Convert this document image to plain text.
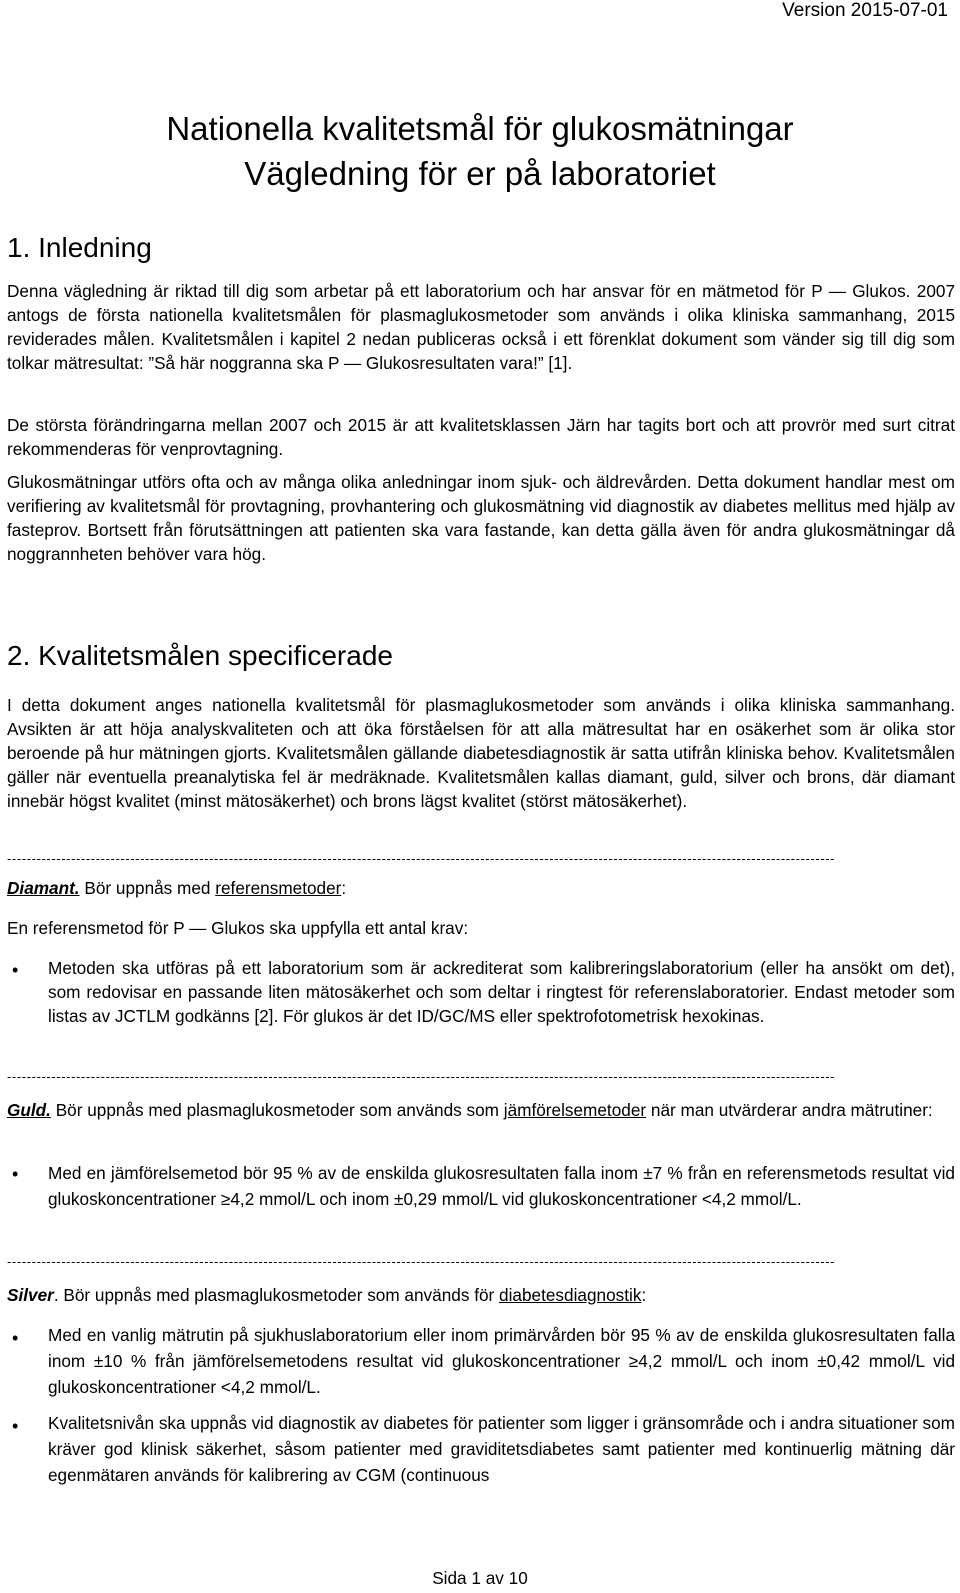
Version 2015-07-01
Nationella kvalitetsmål för glukosmätningar
Vägledning för er på laboratoriet
1. Inledning
Denna vägledning är riktad till dig som arbetar på ett laboratorium och har ansvar för en mätmetod för P — Glukos. 2007 antogs de första nationella kvalitetsmålen för plasmaglukosmetoder som används i olika kliniska sammanhang, 2015 reviderades målen. Kvalitetsmålen i kapitel 2 nedan publiceras också i ett förenklat dokument som vänder sig till dig som tolkar mätresultat: ”Så här noggranna ska P — Glukosresultaten vara!” [1].
De största förändringarna mellan 2007 och 2015 är att kvalitetsklassen Järn har tagits bort och att provrör med surt citrat rekommenderas för venprovtagning.
Glukosmätningar utförs ofta och av många olika anledningar inom sjuk- och äldrevården. Detta dokument handlar mest om verifiering av kvalitetsmål för provtagning, provhantering och glukosmätning vid diagnostik av diabetes mellitus med hjälp av fasteprov. Bortsett från förutsättningen att patienten ska vara fastande, kan detta gälla även för andra glukosmätningar då noggrannheten behöver vara hög.
2. Kvalitetsmålen specificerade
I detta dokument anges nationella kvalitetsmål för plasmaglukosmetoder som används i olika kliniska sammanhang. Avsikten är att höja analyskvaliteten och att öka förståelsen för att alla mätresultat har en osäkerhet som är olika stor beroende på hur mätningen gjorts. Kvalitetsmålen gällande diabetesdiagnostik är satta utifrån kliniska behov. Kvalitetsmålen gäller när eventuella preanalytiska fel är medräknade. Kvalitetsmålen kallas diamant, guld, silver och brons, där diamant innebär högst kvalitet (minst mätosäkerhet) och brons lägst kvalitet (störst mätosäkerhet).
------------------------------------------------------------------------------------------------------------------------------------------------------------------------
Diamant. Bör uppnås med referensmetoder:
En referensmetod för P — Glukos ska uppfylla ett antal krav:
• Metoden ska utföras på ett laboratorium som är ackrediterat som kalibreringslaboratorium (eller ha ansökt om det), som redovisar en passande liten mätosäkerhet och som deltar i ringtest för referenslaboratorier. Endast metoder som listas av JCTLM godkänns [2]. För glukos är det ID/GC/MS eller spektrofotometrisk hexokinas.
------------------------------------------------------------------------------------------------------------------------------------------------------------------------
Guld. Bör uppnås med plasmaglukosmetoder som används som jämförelsemetoder när man utvärderar andra mätrutiner:
• Med en jämförelsemetod bör 95 % av de enskilda glukosresultaten falla inom ±7 % från en referensmetods resultat vid glukoskoncentrationer ≥4,2 mmol/L och inom ±0,29 mmol/L vid glukoskoncentrationer <4,2 mmol/L.
------------------------------------------------------------------------------------------------------------------------------------------------------------------------
Silver. Bör uppnås med plasmaglukosmetoder som används för diabetesdiagnostik:
• Med en vanlig mätrutin på sjukhuslaboratorium eller inom primärvården bör 95 % av de enskilda glukosresultaten falla inom ±10 % från jämförelsemetodens resultat vid glukoskoncentrationer ≥4,2 mmol/L och inom ±0,42 mmol/L vid glukoskoncentrationer <4,2 mmol/L.
• Kvalitetsnivån ska uppnås vid diagnostik av diabetes för patienter som ligger i gränsområde och i andra situationer som kräver god klinisk säkerhet, såsom patienter med graviditetsdiabetes samt patienter med kontinuerlig mätning där egenmätaren används för kalibrering av CGM (continuous
Sida 1 av 10
